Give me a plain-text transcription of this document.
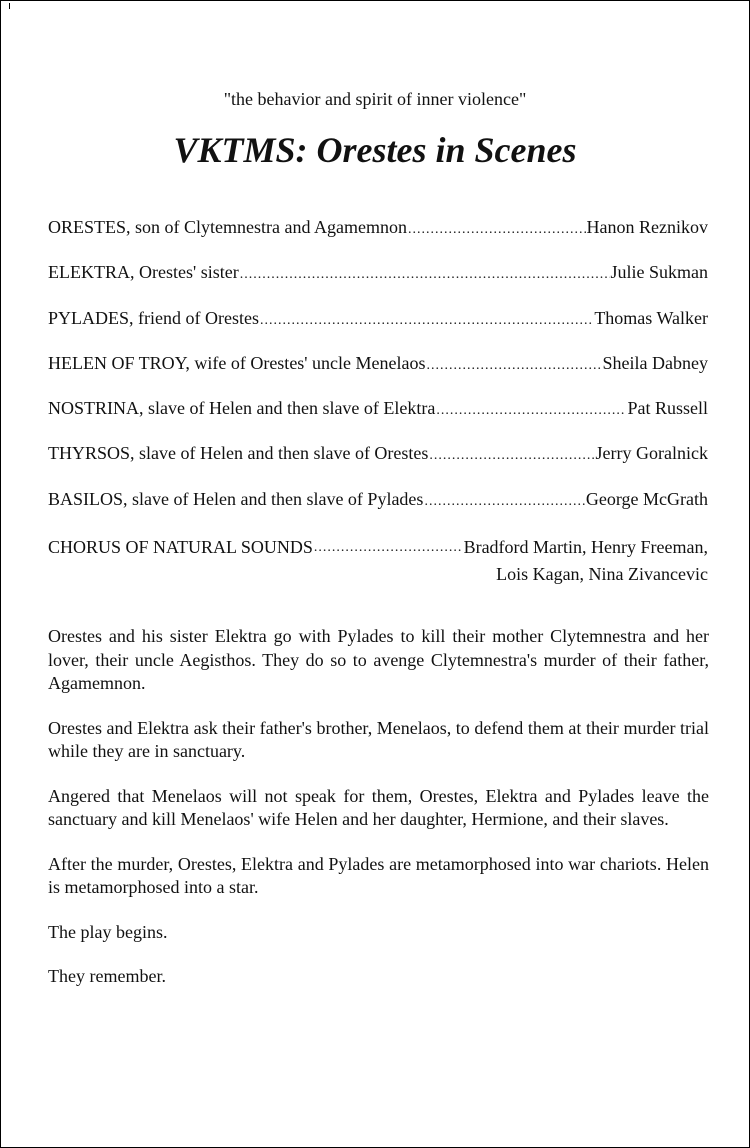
"the behavior and spirit of inner violence"
VKTMS: Orestes in Scenes
ORESTES, son of Clytemnestra and Agamemnon .....	Hanon Reznikov
ELEKTRA, Orestes' sister .....	Julie Sukman
PYLADES, friend of Orestes .....	Thomas Walker
HELEN OF TROY, wife of Orestes' uncle Menelaos .....	Sheila Dabney
NOSTRINA, slave of Helen and then slave of Elektra .....	Pat Russell
THYRSOS, slave of Helen and then slave of Orestes .....	Jerry Goralnick
BASILOS, slave of Helen and then slave of Pylades .....	George McGrath
CHORUS OF NATURAL SOUNDS .....	Bradford Martin, Henry Freeman,
Lois Kagan, Nina Zivancevic

Orestes and his sister Elektra go with Pylades to kill their mother Clytemnestra and her lover, their uncle Aegisthos. They do so to avenge Clytemnestra's murder of their father, Agamemnon.

Orestes and Elektra ask their father's brother, Menelaos, to defend them at their murder trial while they are in sanctuary.

Angered that Menelaos will not speak for them, Orestes, Elektra and Pylades leave the sanctuary and kill Menelaos' wife Helen and her daughter, Hermione, and their slaves.

After the murder, Orestes, Elektra and Pylades are metamorphosed into war chariots. Helen is metamorphosed into a star.

The play begins.

They remember.
